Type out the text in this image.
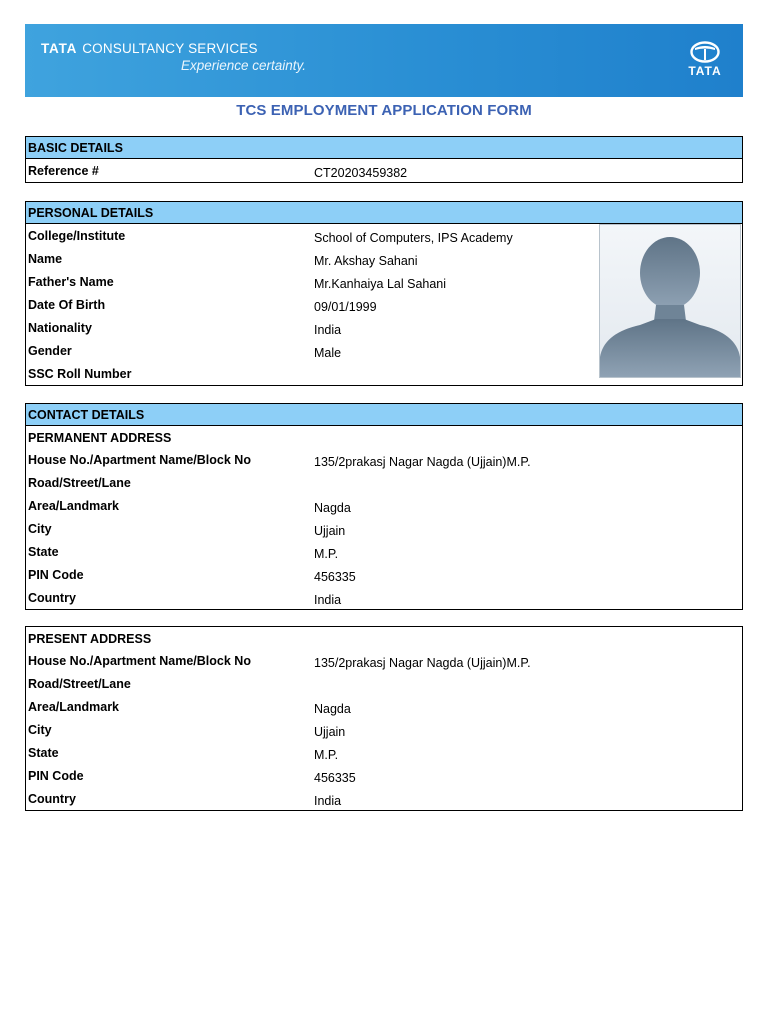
TATA CONSULTANCY SERVICES
Experience certainty.	TATA
TCS EMPLOYMENT APPLICATION FORM
BASIC DETAILS
Reference #	CT20203459382
PERSONAL DETAILS
College/Institute	School of Computers, IPS Academy
Name	Mr. Akshay Sahani
Father's Name	Mr.Kanhaiya Lal Sahani
Date Of Birth	09/01/1999
Nationality	India
Gender	Male
SSC Roll Number
CONTACT DETAILS
PERMANENT ADDRESS
House No./Apartment Name/Block No	135/2prakasj Nagar Nagda (Ujjain)M.P.
Road/Street/Lane
Area/Landmark	Nagda
City	Ujjain
State	M.P.
PIN Code	456335
Country	India
PRESENT ADDRESS
House No./Apartment Name/Block No	135/2prakasj Nagar Nagda (Ujjain)M.P.
Road/Street/Lane
Area/Landmark	Nagda
City	Ujjain
State	M.P.
PIN Code	456335
Country	India
